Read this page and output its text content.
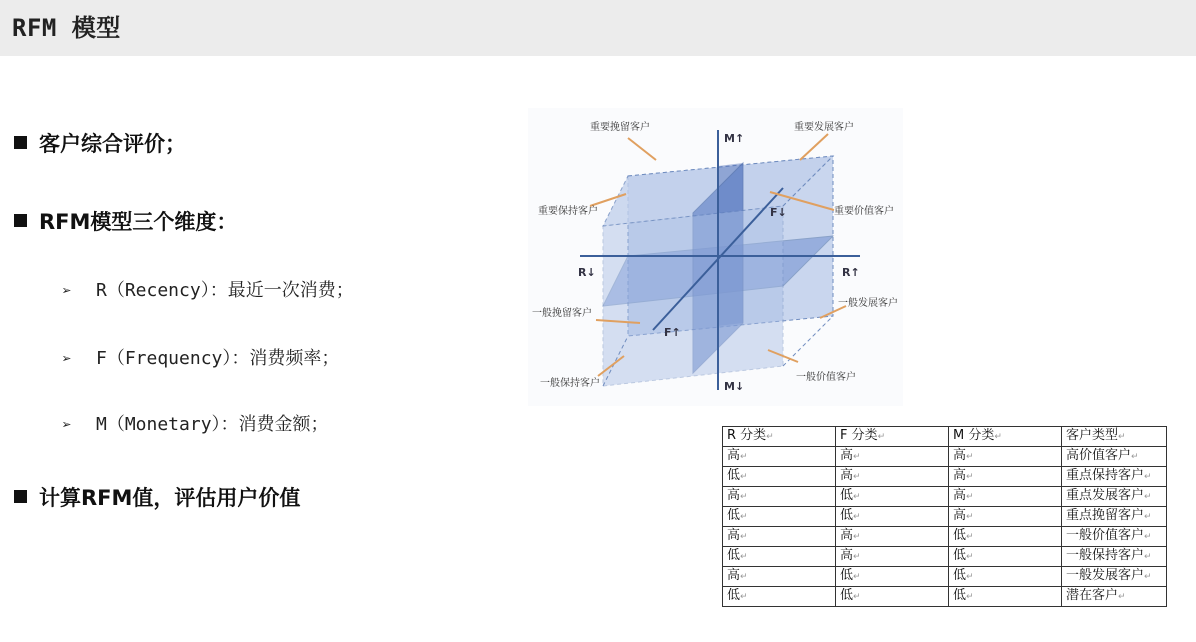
RFM 模型
客户综合评价；
RFM模型三个维度：
➢ R（Recency）：最近一次消费；
➢ F（Frequency）：消费频率；
➢ M（Monetary）：消费金额；
计算RFM值，评估用户价值
重要挽留客户	重要发展客户
重要保持客户	重要价值客户
一般挽留客户
一般发展客户
一般保持客户
一般价值客户
M↑
M↓
R↓	R↑
F↓
F↑
R 分类↵	F 分类↵	M 分类↵	客户类型↵
高↵	高↵	高↵	高价值客户↵
低↵	高↵	高↵	重点保持客户↵
高↵	低↵	高↵	重点发展客户↵
低↵	低↵	高↵	重点挽留客户↵
高↵	高↵	低↵	一般价值客户↵
低↵	高↵	低↵	一般保持客户↵
高↵	低↵	低↵	一般发展客户↵
低↵	低↵	低↵	潜在客户↵
